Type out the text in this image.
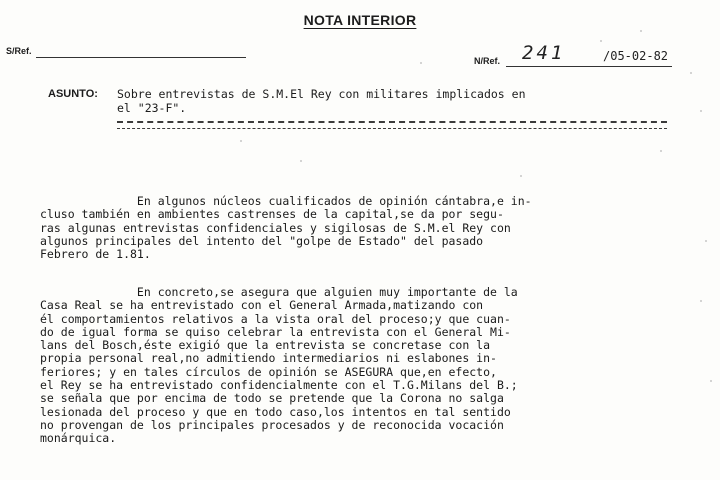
NOTA INTERIOR
S/Ref.
N/Ref. 241	/05-02-82
ASUNTO: Sobre entrevistas de S.M.El Rey con militares implicados en
el "23-F".
En algunos núcleos cualificados de opinión cántabra,e in-
cluso también en ambientes castrenses de la capital,se da por segu-
ras algunas entrevistas confidenciales y sigilosas de S.M.el Rey con
algunos principales del intento del "golpe de Estado" del pasado
Febrero de 1.81.
En concreto,se asegura que alguien muy importante de la
Casa Real se ha entrevistado con el General Armada,matizando con
él comportamientos relativos a la vista oral del proceso;y que cuan-
do de igual forma se quiso celebrar la entrevista con el General Mi-
lans del Bosch,éste exigió que la entrevista se concretase con la
propia personal real,no admitiendo intermediarios ni eslabones in-
feriores; y en tales círculos de opinión se ASEGURA que,en efecto,
el Rey se ha entrevistado confidencialmente con el T.G.Milans del B.;
se señala que por encima de todo se pretende que la Corona no salga
lesionada del proceso y que en todo caso,los intentos en tal sentido
no provengan de los principales procesados y de reconocida vocación
monárquica.
